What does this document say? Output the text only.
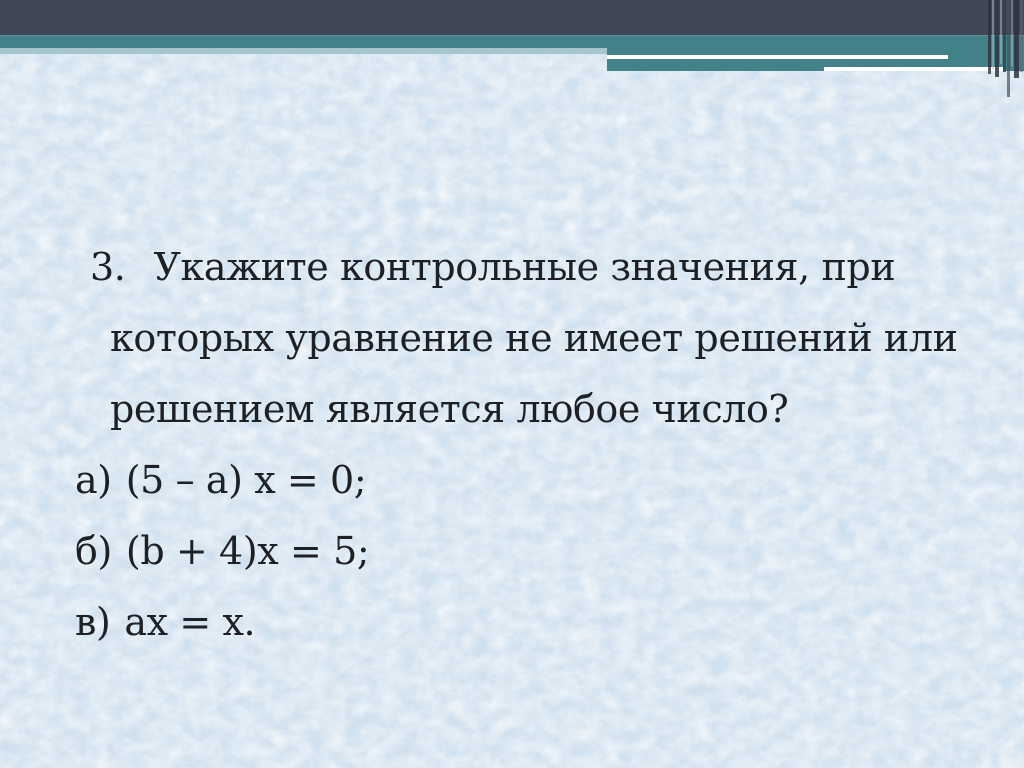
3. Укажите контрольные значения, при
которых уравнение не имеет решений или
решением является любое число?
а) (5 – а) х = 0;
б) (b + 4)х = 5;
в) ах = х.
